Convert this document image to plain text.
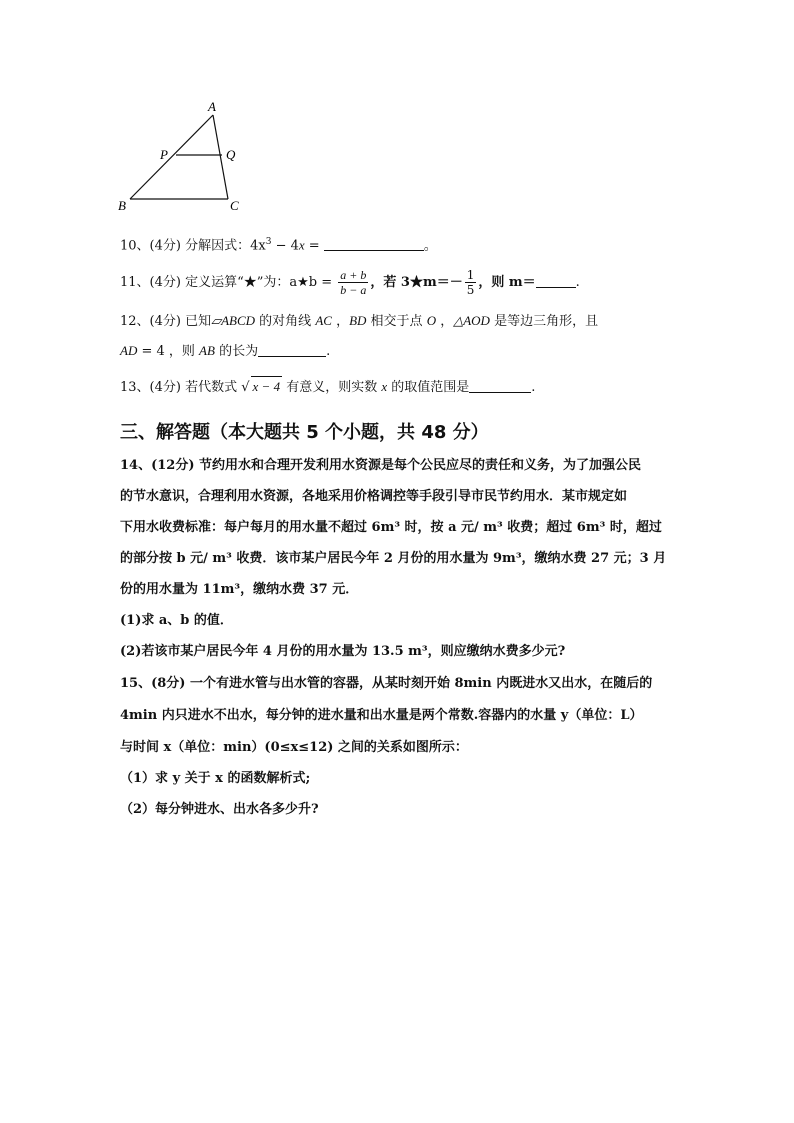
A
P	Q
B	C
10、(4分) 分解因式：$4x^3 - 4x$ =	。
11、(4分) 定义运算“★”为：a★b = $\frac{a + b}{b - a}$ ，若 3★m＝－ $\frac{1}{5}$ ，则 m＝	.
12、(4分) 已知▱ABCD 的对角线 AC ，BD 相交于点 O ，△AOD 是等边三角形，且
AD = 4 ，则 AB 的长为	.
13、(4分) 若代数式 √ x − 4 有意义，则实数 x 的取值范围是	.
三、解答题（本大题共 5 个小题，共 48 分）
14、(12分) 节约用水和合理开发利用水资源是每个公民应尽的责任和义务，为了加强公民
的节水意识，合理利用水资源，各地采用价格调控等手段引导市民节约用水．某市规定如
下用水收费标准：每户每月的用水量不超过 6m³ 时，按 a 元/ m³ 收费；超过 6m³ 时，超过
的部分按 b 元/ m³ 收费．该市某户居民今年 2 月份的用水量为 9m³，缴纳水费 27 元；3 月
份的用水量为 11m³，缴纳水费 37 元．
(1)求 a、b 的值．
(2)若该市某户居民今年 4 月份的用水量为 13.5 m³，则应缴纳水费多少元?
15、(8分) 一个有进水管与出水管的容器，从某时刻开始 8min 内既进水又出水，在随后的
4min 内只进水不出水，每分钟的进水量和出水量是两个常数.容器内的水量 y（单位：L）
与时间 x（单位：min）(0≤x≤12) 之间的关系如图所示：
（1）求 y 关于 x 的函数解析式;
（2）每分钟进水、出水各多少升?
